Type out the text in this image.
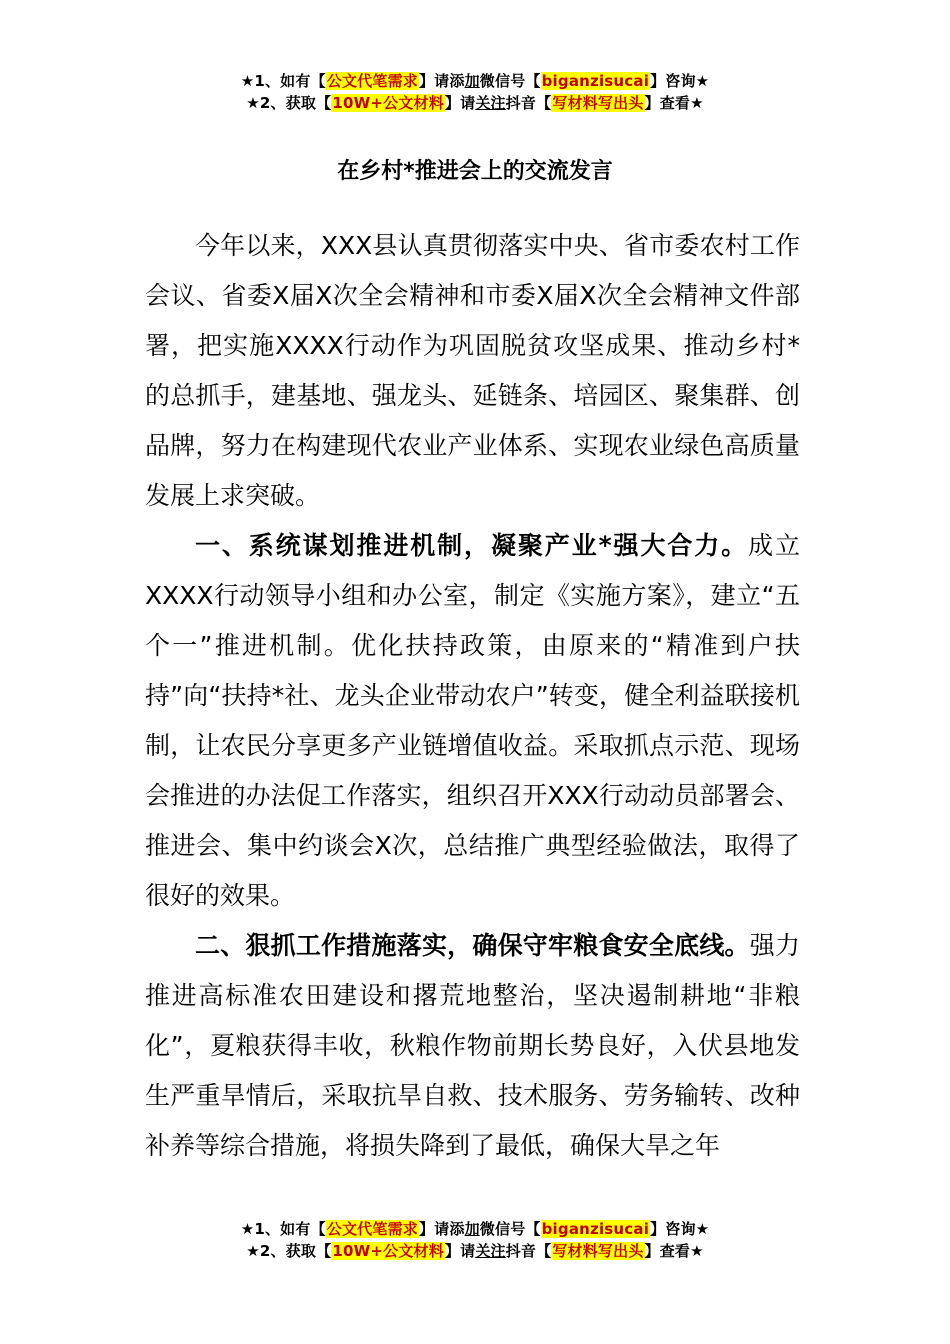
★1、如有【公文代笔需求】请添加微信号【biganzisucai】咨询★
★2、获取【10W+公文材料】请关注抖音【写材料写出头】查看★
在乡村*推进会上的交流发言

今年以来，XXX县认真贯彻落实中央、省市委农村工作会议、省委X届X次全会精神和市委X届X次全会精神文件部署，把实施XXXX行动作为巩固脱贫攻坚成果、推动乡村*的总抓手，建基地、强龙头、延链条、培园区、聚集群、创品牌，努力在构建现代农业产业体系、实现农业绿色高质量发展上求突破。

一、系统谋划推进机制，凝聚产业*强大合力。成立XXXX行动领导小组和办公室，制定《实施方案》，建立“五个一”推进机制。优化扶持政策，由原来的“精准到户扶持”向“扶持*社、龙头企业带动农户”转变，健全利益联接机制，让农民分享更多产业链增值收益。采取抓点示范、现场会推进的办法促工作落实，组织召开XXX行动动员部署会、推进会、集中约谈会X次，总结推广典型经验做法，取得了很好的效果。

二、狠抓工作措施落实，确保守牢粮食安全底线。强力推进高标准农田建设和撂荒地整治，坚决遏制耕地“非粮化”，夏粮获得丰收，秋粮作物前期长势良好，入伏县地发生严重旱情后，采取抗旱自救、技术服务、劳务输转、改种补养等综合措施，将损失降到了最低，确保大旱之年

★1、如有【公文代笔需求】请添加微信号【biganzisucai】咨询★
★2、获取【10W+公文材料】请关注抖音【写材料写出头】查看★
